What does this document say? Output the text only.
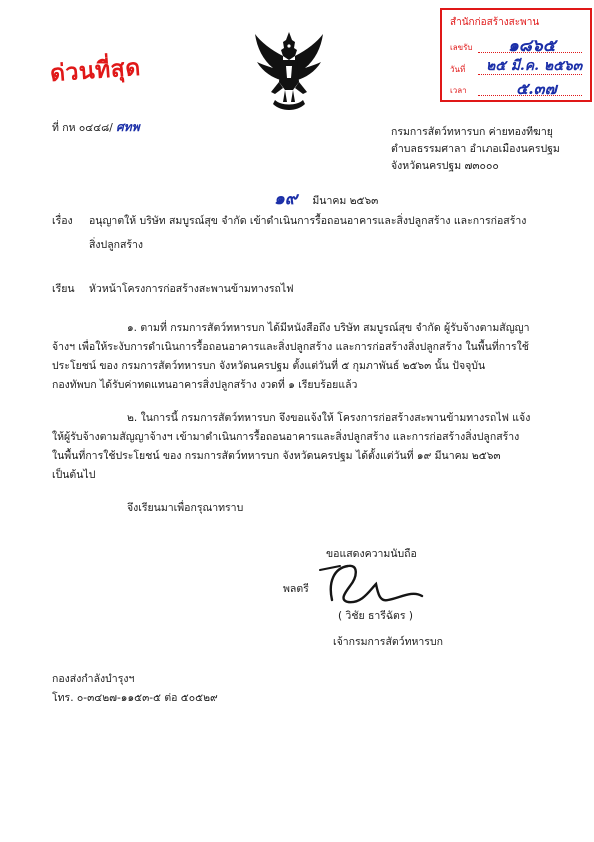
ด่วนที่สุด
สำนักก่อสร้างสะพาน
เลขรับ ๑๘๖๕
วันที่ ๒๕ มี.ค. ๒๕๖๓
เวลา	๕.๓๗
ที่ กห ๐๔๔๘/ ศทพ	กรมการสัตว์ทหารบก ค่ายทองทีฆายุ
ตำบลธรรมศาลา อำเภอเมืองนครปฐม
จังหวัดนครปฐม ๗๓๐๐๐
๑๙ มีนาคม ๒๕๖๓
เรื่อง อนุญาตให้ บริษัท สมบูรณ์สุข จำกัด เข้าดำเนินการรื้อถอนอาคารและสิ่งปลูกสร้าง และการก่อสร้าง
สิ่งปลูกสร้าง
เรียน หัวหน้าโครงการก่อสร้างสะพานข้ามทางรถไฟ
๑. ตามที่ กรมการสัตว์ทหารบก ได้มีหนังสือถึง บริษัท สมบูรณ์สุข จำกัด ผู้รับจ้างตามสัญญา
จ้างฯ เพื่อให้ระงับการดำเนินการรื้อถอนอาคารและสิ่งปลูกสร้าง และการก่อสร้างสิ่งปลูกสร้าง ในพื้นที่การใช้
ประโยชน์ ของ กรมการสัตว์ทหารบก จังหวัดนครปฐม ตั้งแต่วันที่ ๕ กุมภาพันธ์ ๒๕๖๓ นั้น ปัจจุบัน
กองทัพบก ได้รับค่าทดแทนอาคารสิ่งปลูกสร้าง งวดที่ ๑ เรียบร้อยแล้ว
๒. ในการนี้ กรมการสัตว์ทหารบก จึงขอแจ้งให้ โครงการก่อสร้างสะพานข้ามทางรถไฟ แจ้ง
ให้ผู้รับจ้างตามสัญญาจ้างฯ เข้ามาดำเนินการรื้อถอนอาคารและสิ่งปลูกสร้าง และการก่อสร้างสิ่งปลูกสร้าง
ในพื้นที่การใช้ประโยชน์ ของ กรมการสัตว์ทหารบก จังหวัดนครปฐม ได้ตั้งแต่วันที่ ๑๙ มีนาคม ๒๕๖๓
เป็นต้นไป
จึงเรียนมาเพื่อกรุณาทราบ
ขอแสดงความนับถือ
พลตรี
( วิชัย ธารีฉัตร )
เจ้ากรมการสัตว์ทหารบก
กองส่งกำลังบำรุงฯ
โทร. ๐-๓๔๒๗-๑๑๕๓-๕ ต่อ ๕๐๕๒๙
